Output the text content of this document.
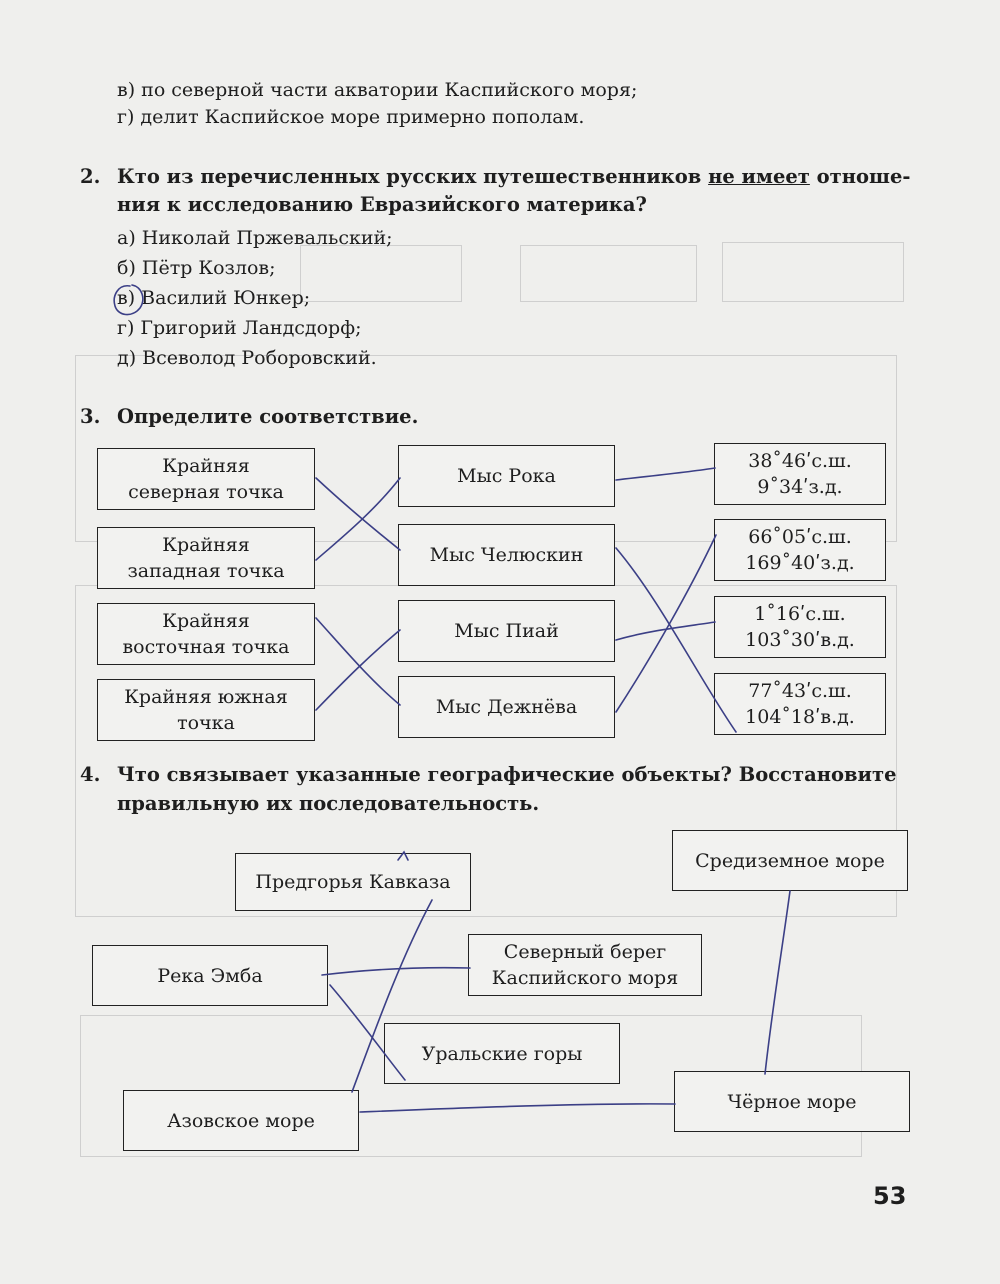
в) по северной части акватории Каспийского моря;
г) делит Каспийское море примерно пополам.
2. Кто из перечисленных русских путешественников не имеет отноше-
ния к исследованию Евразийского материка?
а) Николай Пржевальский;
б) Пётр Козлов;
в) Василий Юнкер;
г) Григорий Ландсдорф;
д) Всеволод Роборовский.
3. Определите соответствие.
Крайняя
северная точка
Крайняя
западная точка
Крайняя
восточная точка
Крайняя южная
точка
Мыс Рока
Мыс Челюскин
Мыс Пиай
Мыс Дежнёва
38˚46ʹс.ш.
9˚34ʹз.д.
66˚05ʹс.ш.
169˚40ʹз.д.
1˚16ʹс.ш.
103˚30ʹв.д.
77˚43ʹс.ш.
104˚18ʹв.д.
4. Что связывает указанные географические объекты? Восстановите
правильную их последовательность.
Предгорья Кавказа
Средиземное море
Река Эмба
Северный берег
Каспийского моря
Уральские горы
Азовское море
Чёрное море
53
